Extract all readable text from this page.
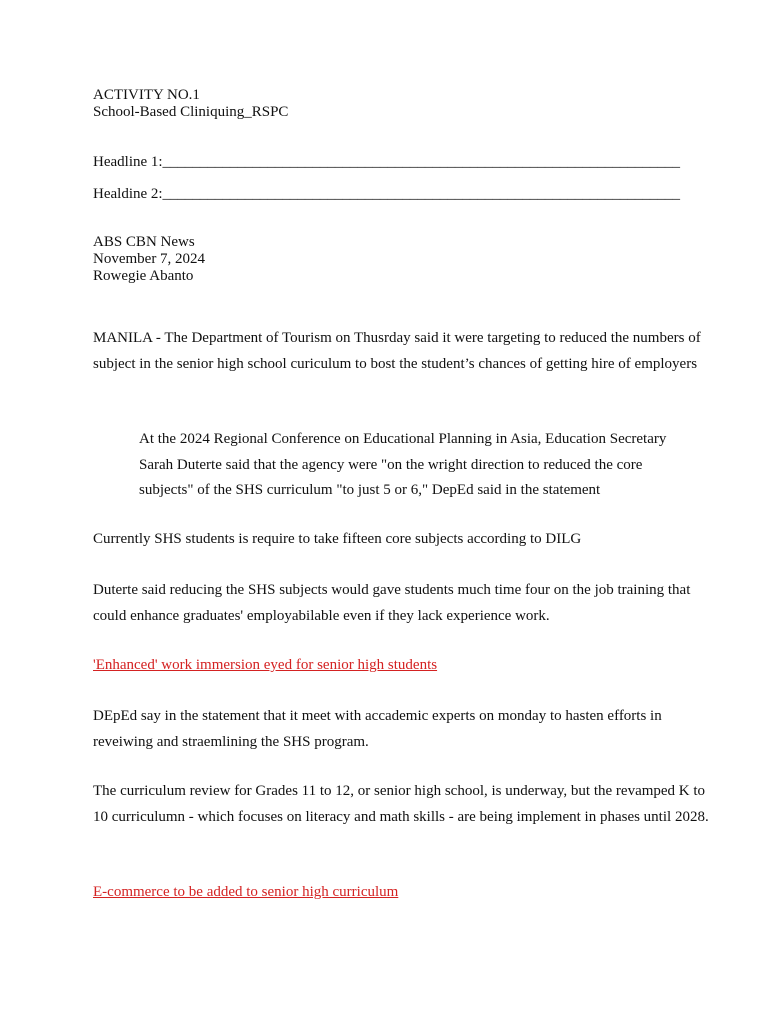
ACTIVITY NO.1
School-Based Cliniquing_RSPC
Headline 1:_____________________________________________________________________
Healdine 2:_____________________________________________________________________
ABS CBN News
November 7, 2024
Rowegie Abanto
MANILA - The Department of Tourism on Thusrday said it were targeting to reduced the numbers of subject in the senior high school curiculum to bost the student’s chances of getting hire of employers
At the 2024 Regional Conference on Educational Planning in Asia, Education Secretary Sarah Duterte said that the agency were "on the wright direction to reduced the core subjects" of the SHS curriculum "to just 5 or 6," DepEd said in the statement
Currently SHS students is require to take fifteen core subjects according to DILG
Duterte said reducing the SHS subjects would gave students much time four on the job training that could enhance graduates' employabilable even if they lack experience work.
'Enhanced' work immersion eyed for senior high students
DEpEd say in the statement that it meet with accademic experts on monday to hasten efforts in reveiwing and straemlining the SHS program.
The curriculum review for Grades 11 to 12, or senior high school, is underway, but the revamped K to 10 curriculumn - which focuses on literacy and math skills - are being implement in phases until 2028.
E-commerce to be added to senior high curriculum
